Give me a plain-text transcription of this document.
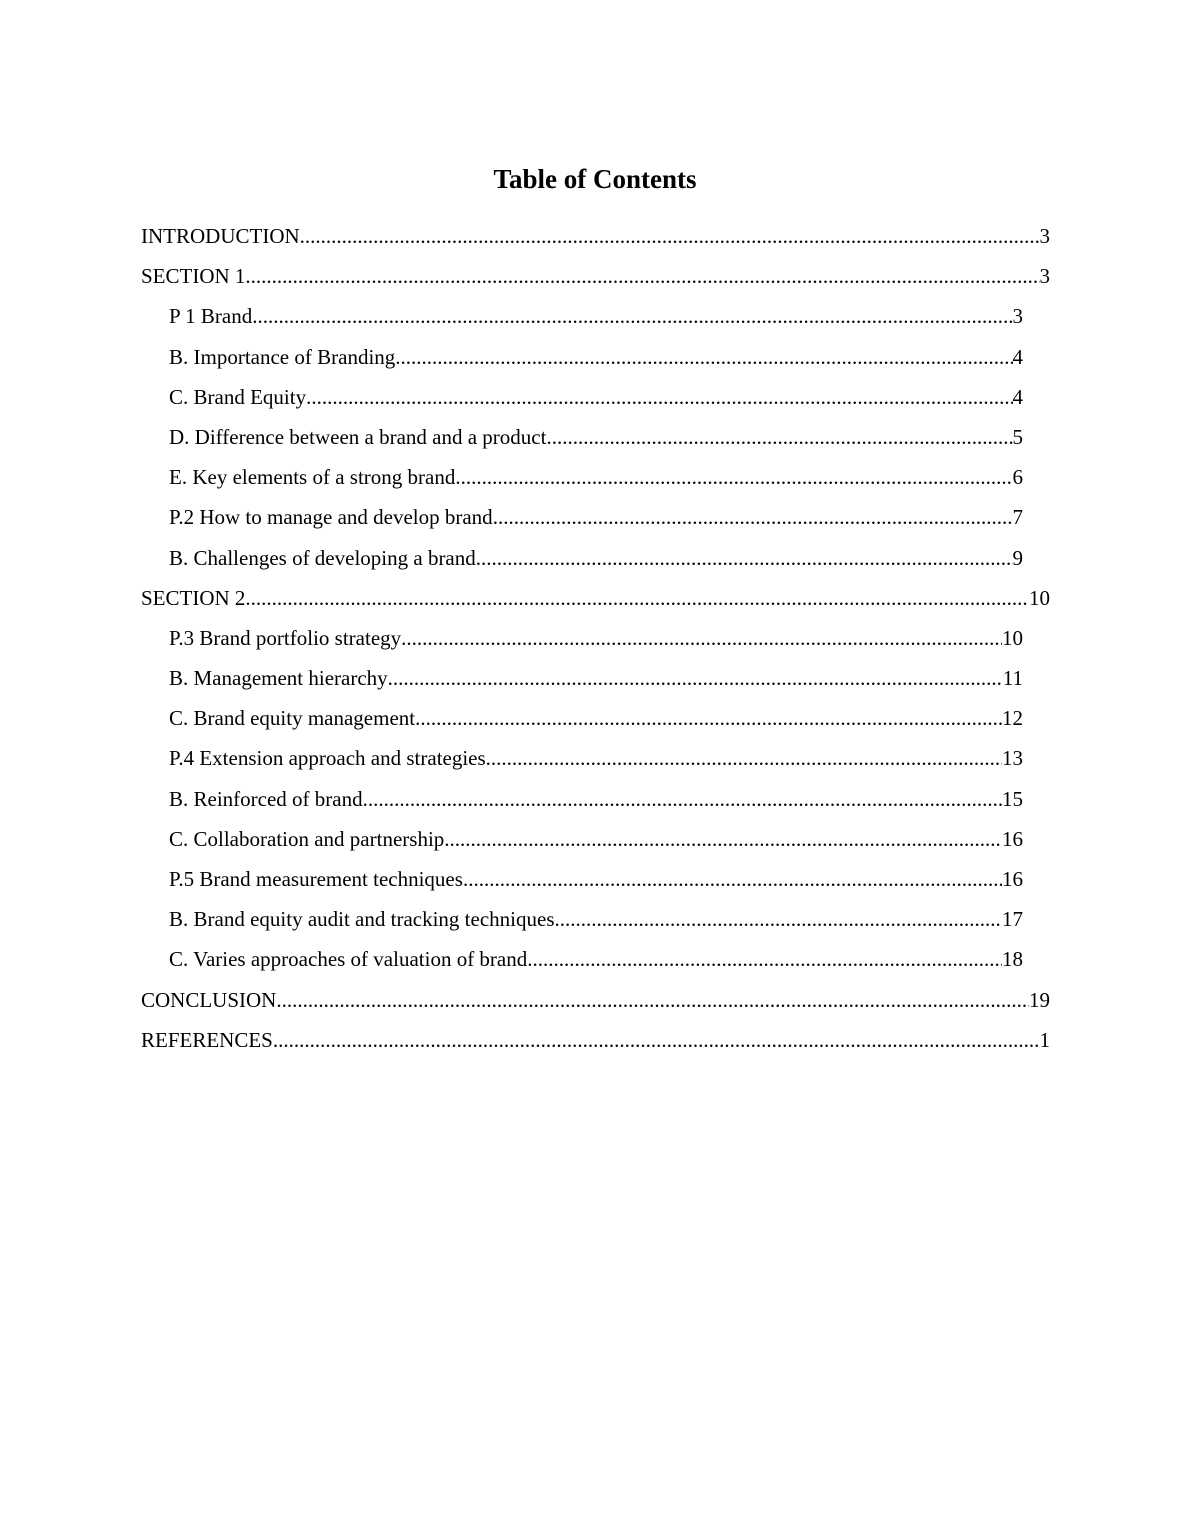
Table of Contents
INTRODUCTION .....	3
SECTION 1 .....	3
P 1 Brand .....	3
B. Importance of Branding .....	4
C. Brand Equity .....	4
D. Difference between a brand and a product .....	5
E. Key elements of a strong brand .....	6
P.2 How to manage and develop brand .....	7
B. Challenges of developing a brand .....	9
SECTION 2 .....	10
P.3 Brand portfolio strategy .....	10
B. Management hierarchy .....	11
C. Brand equity management .....	12
P.4 Extension approach and strategies .....	13
B. Reinforced of brand .....	15
C. Collaboration and partnership .....	16
P.5 Brand measurement techniques .....	16
B. Brand equity audit and tracking techniques .....	17
C. Varies approaches of valuation of brand .....	18
CONCLUSION .....	19
REFERENCES .....	1
